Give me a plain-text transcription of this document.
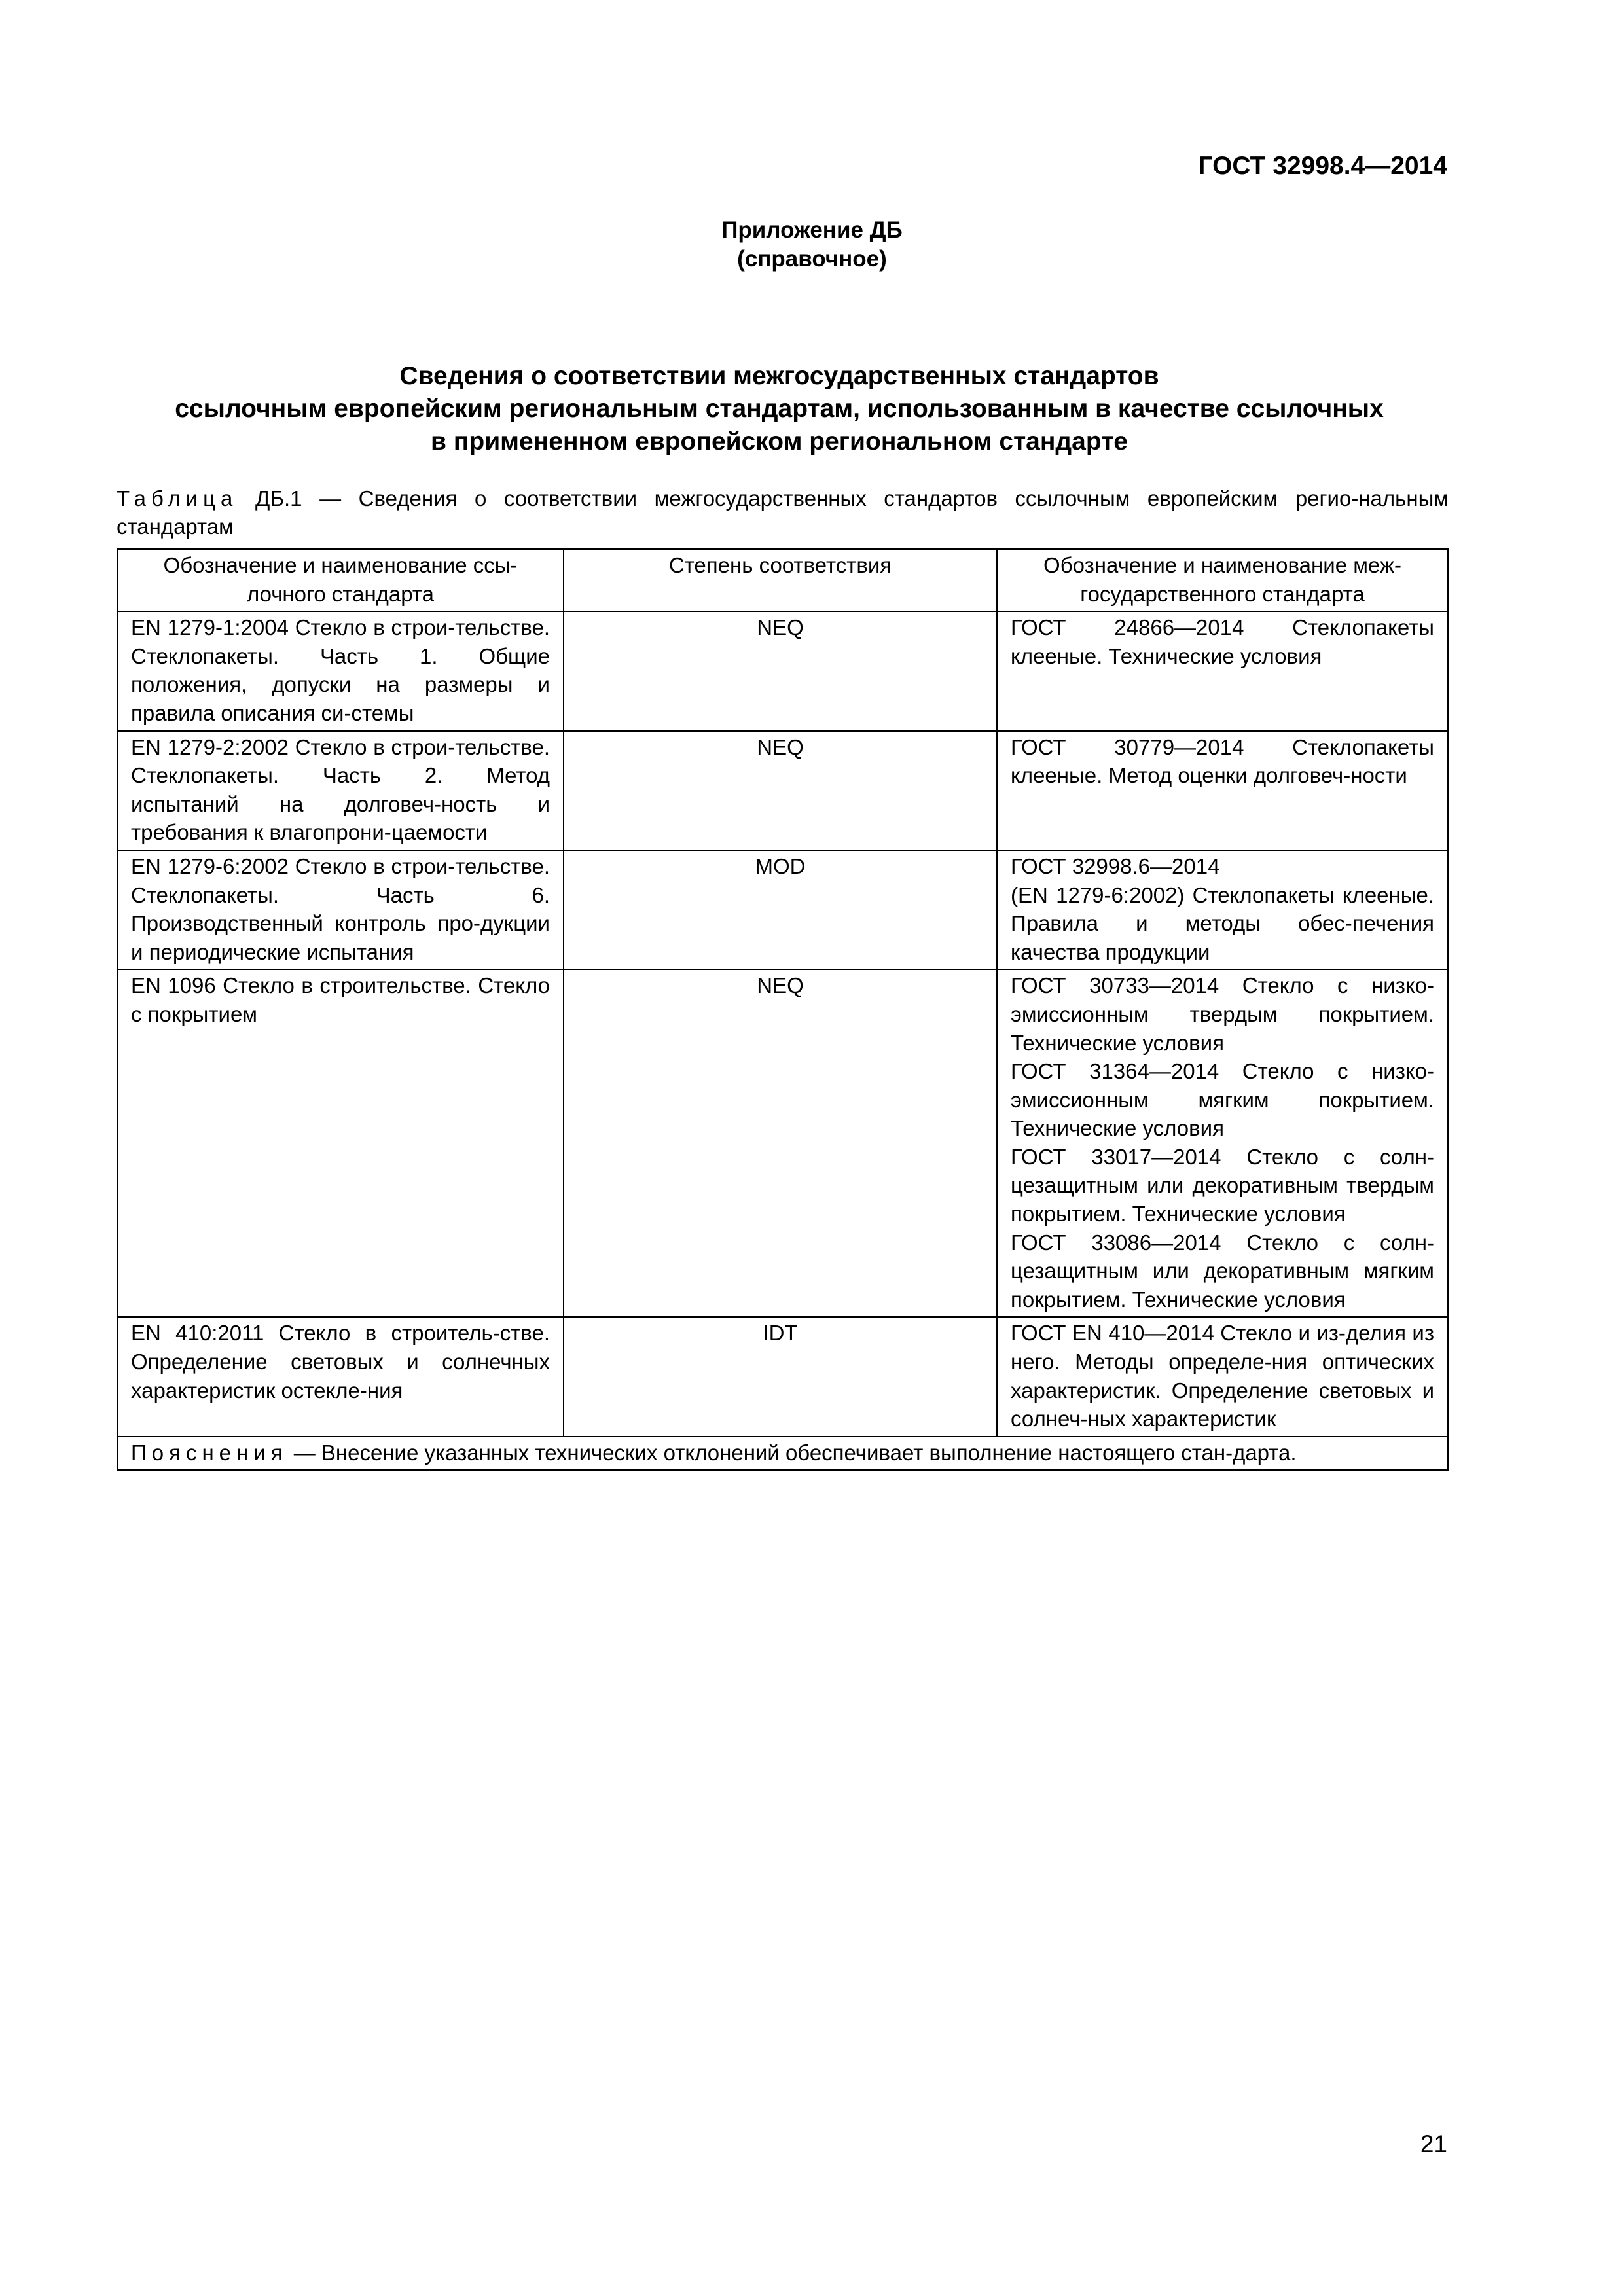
ГОСТ 32998.4—2014
Приложение ДБ
(справочное)
Сведения о соответствии межгосударственных стандартов
ссылочным европейским региональным стандартам, использованным в качестве ссылочных
в примененном европейском региональном стандарте
Таблица ДБ.1 — Сведения о соответствии межгосударственных стандартов ссылочным европейским регио-нальным стандартам
Обозначение и наименование ссы-лочного стандарта	Степень соответствия	Обозначение и наименование меж-государственного стандарта
EN 1279-1:2004 Стекло в строи-тельстве. Стеклопакеты. Часть 1. Общие положения, допуски на размеры и правила описания си-стемы	NEQ	ГОСТ 24866—2014 Стеклопакеты клееные. Технические условия

EN 1279-2:2002 Стекло в строи-тельстве. Стеклопакеты. Часть 2. Метод испытаний на долговеч-ность и требования к влагопрони-цаемости	NEQ	ГОСТ 30779—2014 Стеклопакеты клееные. Метод оценки долговеч-ности

EN 1279-6:2002 Стекло в строи-тельстве. Стеклопакеты. Часть 6. Производственный контроль про-дукции и периодические испытания	MOD	ГОСТ 32998.6—2014
(EN 1279-6:2002) Стеклопакеты клееные. Правила и методы обес-печения качества продукции

EN 1096 Стекло в строительстве. Стекло с покрытием	NEQ	ГОСТ 30733—2014 Стекло с низко-эмиссионным твердым покрытием. Технические условия
ГОСТ 31364—2014 Стекло с низко-эмиссионным мягким покрытием. Технические условия
ГОСТ 33017—2014 Стекло с солн-цезащитным или декоративным твердым покрытием. Технические условия
ГОСТ 33086—2014 Стекло с солн-цезащитным или декоративным мягким покрытием. Технические условия

EN 410:2011 Стекло в строитель-стве. Определение световых и солнечных характеристик остекле-ния	IDT	ГОСТ EN 410—2014 Стекло и из-делия из него. Методы определе-ния оптических характеристик. Определение световых и солнеч-ных характеристик

Пояснения — Внесение указанных технических отклонений обеспечивает выполнение настоящего стан-дарта.		
21
